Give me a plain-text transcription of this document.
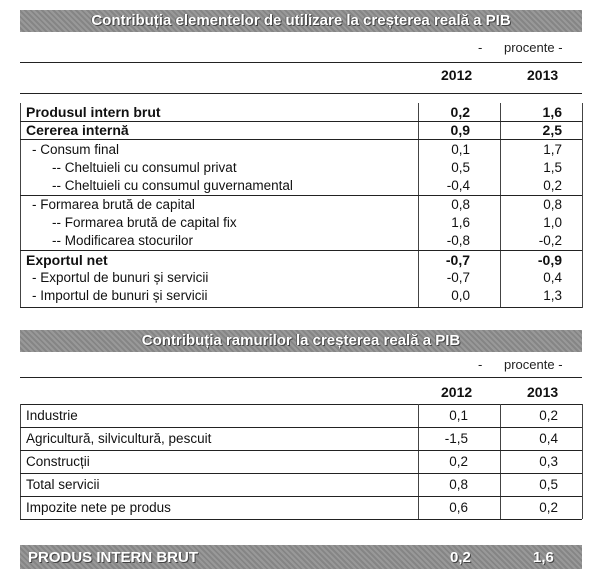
Contribuția elementelor de utilizare la creșterea reală a PIB
-      procente -
2012	2013
Produsul intern brut	0,2	1,6
Cererea internă	0,9	2,5
- Consum final	0,1	1,7
-- Cheltuieli cu consumul privat	0,5	1,5
-- Cheltuieli cu consumul guvernamental	-0,4	0,2
- Formarea brută de capital	0,8	0,8
-- Formarea brută de capital fix	1,6	1,0
-- Modificarea stocurilor	-0,8	-0,2
Exportul net	-0,7	-0,9
- Exportul de bunuri și servicii	-0,7	0,4
- Importul de bunuri și servicii	0,0	1,3
Contribuția ramurilor la creșterea reală a PIB
-      procente -
2012	2013
Industrie	0,1	0,2
Agricultură, silvicultură, pescuit	-1,5	0,4
Construcții	0,2	0,3
Total servicii	0,8	0,5
Impozite nete pe produs	0,6	0,2
PRODUS INTERN BRUT	0,2	1,6
